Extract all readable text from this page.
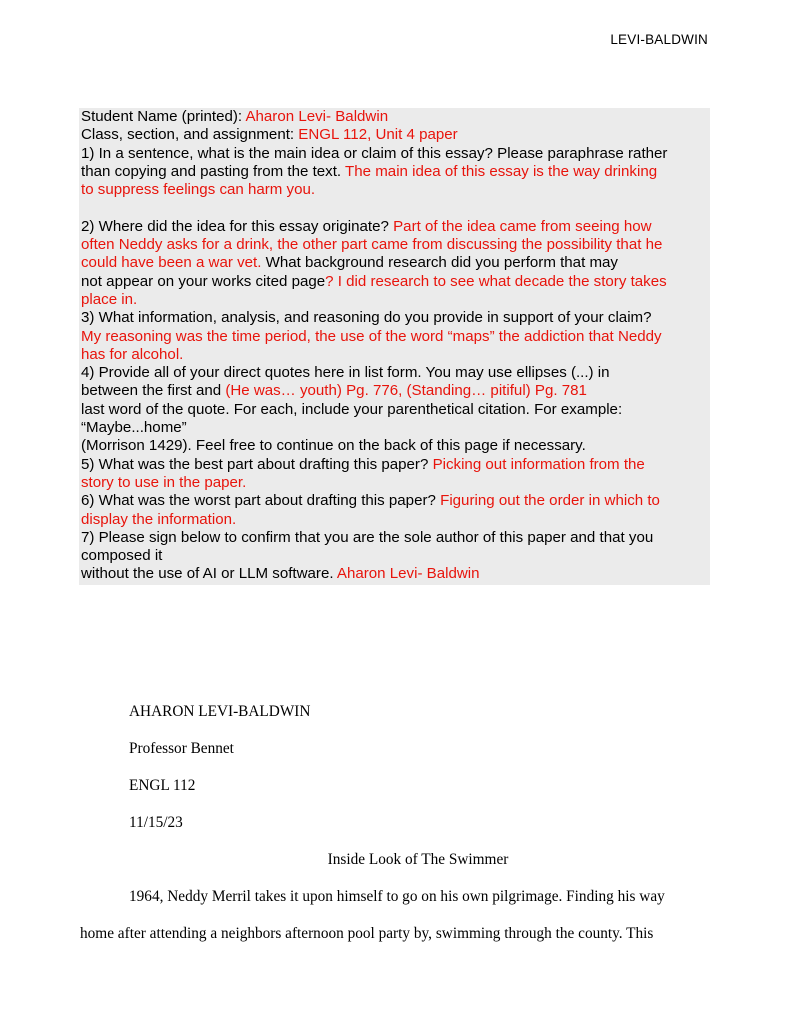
LEVI-BALDWIN
Student Name (printed): Aharon Levi- Baldwin
Class, section, and assignment: ENGL 112, Unit 4 paper
1) In a sentence, what is the main idea or claim of this essay? Please paraphrase rather
than copying and pasting from the text. The main idea of this essay is the way drinking
to suppress feelings can harm you.
2) Where did the idea for this essay originate? Part of the idea came from seeing how
often Neddy asks for a drink, the other part came from discussing the possibility that he
could have been a war vet. What background research did you perform that may
not appear on your works cited page? I did research to see what decade the story takes
place in.
3) What information, analysis, and reasoning do you provide in support of your claim?
My reasoning was the time period, the use of the word “maps” the addiction that Neddy
has for alcohol.
4) Provide all of your direct quotes here in list form. You may use ellipses (...) in
between the first and (He was… youth) Pg. 776, (Standing… pitiful) Pg. 781
last word of the quote. For each, include your parenthetical citation. For example:
“Maybe...home”
(Morrison 1429). Feel free to continue on the back of this page if necessary.
5) What was the best part about drafting this paper? Picking out information from the
story to use in the paper.
6) What was the worst part about drafting this paper? Figuring out the order in which to
display the information.
7) Please sign below to confirm that you are the sole author of this paper and that you
composed it
without the use of AI or LLM software. Aharon Levi- Baldwin
AHARON LEVI-BALDWIN
Professor Bennet
ENGL 112
11/15/23
Inside Look of The Swimmer
1964, Neddy Merril takes it upon himself to go on his own pilgrimage. Finding his way
home after attending a neighbors afternoon pool party by, swimming through the county. This
